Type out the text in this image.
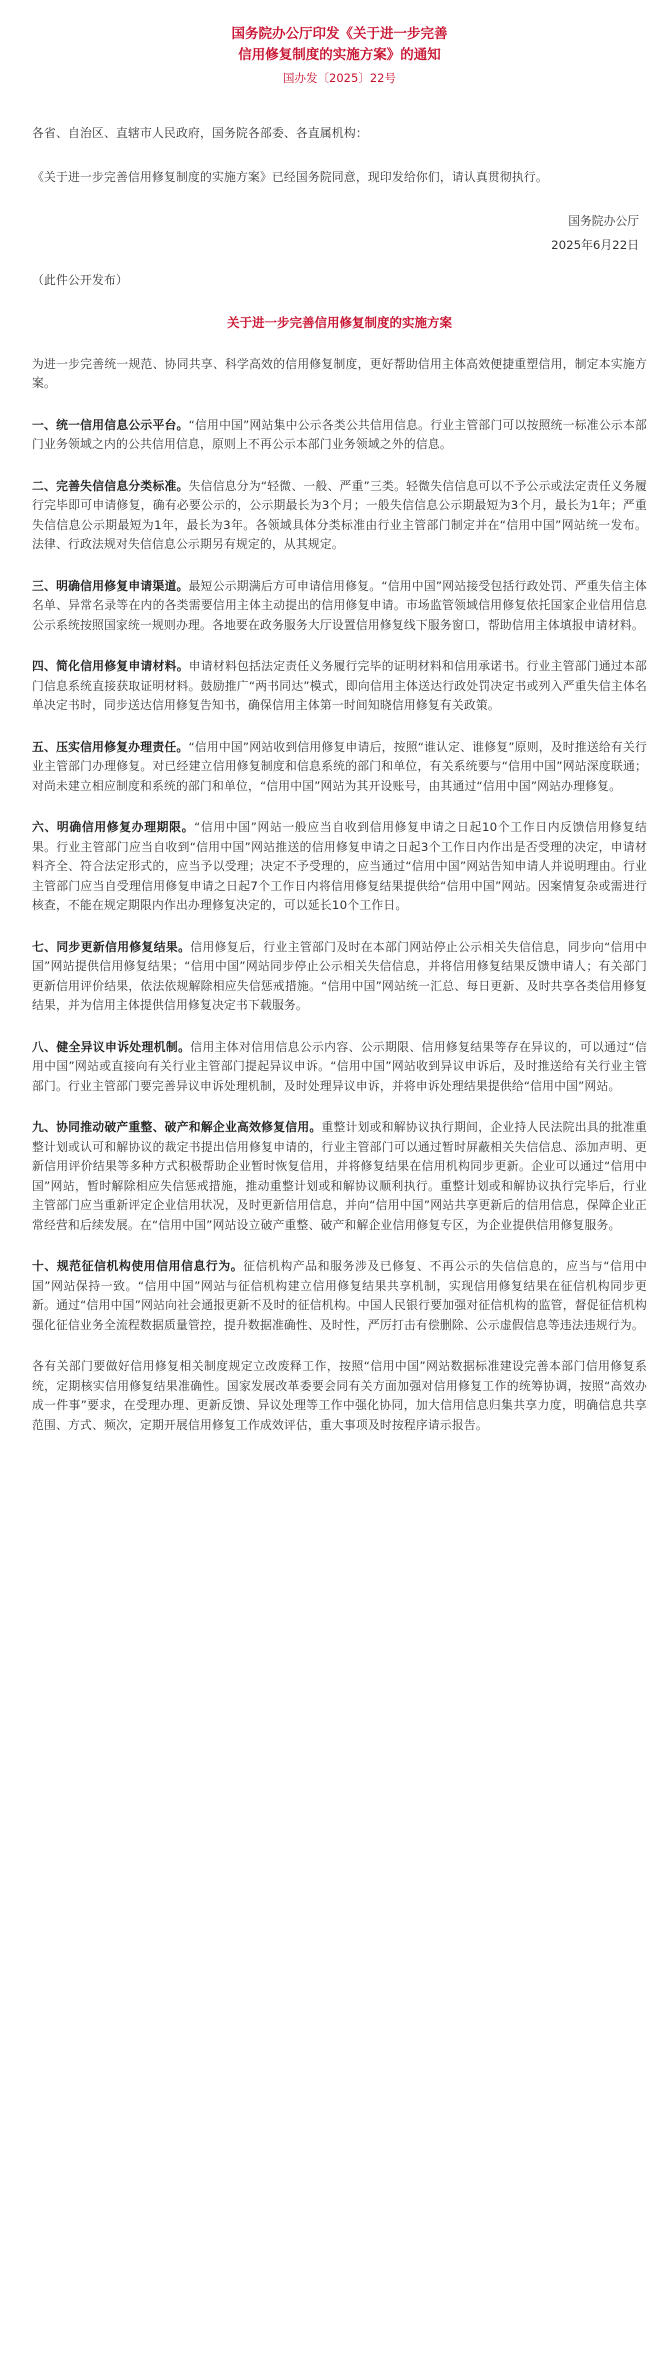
国务院办公厅印发《关于进一步完善
信用修复制度的实施方案》的通知
国办发〔2025〕22号

各省、自治区、直辖市人民政府，国务院各部委、各直属机构：

《关于进一步完善信用修复制度的实施方案》已经国务院同意，现印发给你们，请认真贯彻执行。

国务院办公厅
2025年6月22日

（此件公开发布）

关于进一步完善信用修复制度的实施方案

为进一步完善统一规范、协同共享、科学高效的信用修复制度，更好帮助信用主体高效便捷重塑信用，制定本实施方案。

一、统一信用信息公示平台。“信用中国”网站集中公示各类公共信用信息。行业主管部门可以按照统一标准公示本部门业务领域之内的公共信用信息，原则上不再公示本部门业务领域之外的信息。

二、完善失信信息分类标准。失信信息分为“轻微、一般、严重”三类。轻微失信信息可以不予公示或法定责任义务履行完毕即可申请修复，确有必要公示的，公示期最长为3个月；一般失信信息公示期最短为3个月，最长为1年；严重失信信息公示期最短为1年，最长为3年。各领域具体分类标准由行业主管部门制定并在“信用中国”网站统一发布。法律、行政法规对失信信息公示期另有规定的，从其规定。

三、明确信用修复申请渠道。最短公示期满后方可申请信用修复。“信用中国”网站接受包括行政处罚、严重失信主体名单、异常名录等在内的各类需要信用主体主动提出的信用修复申请。市场监管领域信用修复依托国家企业信用信息公示系统按照国家统一规则办理。各地要在政务服务大厅设置信用修复线下服务窗口，帮助信用主体填报申请材料。

四、简化信用修复申请材料。申请材料包括法定责任义务履行完毕的证明材料和信用承诺书。行业主管部门通过本部门信息系统直接获取证明材料。鼓励推广“两书同达”模式，即向信用主体送达行政处罚决定书或列入严重失信主体名单决定书时，同步送达信用修复告知书，确保信用主体第一时间知晓信用修复有关政策。

五、压实信用修复办理责任。“信用中国”网站收到信用修复申请后，按照“谁认定、谁修复”原则，及时推送给有关行业主管部门办理修复。对已经建立信用修复制度和信息系统的部门和单位，有关系统要与“信用中国”网站深度联通；对尚未建立相应制度和系统的部门和单位，“信用中国”网站为其开设账号，由其通过“信用中国”网站办理修复。

六、明确信用修复办理期限。“信用中国”网站一般应当自收到信用修复申请之日起10个工作日内反馈信用修复结果。行业主管部门应当自收到“信用中国”网站推送的信用修复申请之日起3个工作日内作出是否受理的决定，申请材料齐全、符合法定形式的，应当予以受理；决定不予受理的，应当通过“信用中国”网站告知申请人并说明理由。行业主管部门应当自受理信用修复申请之日起7个工作日内将信用修复结果提供给“信用中国”网站。因案情复杂或需进行核查，不能在规定期限内作出办理修复决定的，可以延长10个工作日。

七、同步更新信用修复结果。信用修复后，行业主管部门及时在本部门网站停止公示相关失信信息，同步向“信用中国”网站提供信用修复结果；“信用中国”网站同步停止公示相关失信信息，并将信用修复结果反馈申请人；有关部门更新信用评价结果，依法依规解除相应失信惩戒措施。“信用中国”网站统一汇总、每日更新、及时共享各类信用修复结果，并为信用主体提供信用修复决定书下载服务。

八、健全异议申诉处理机制。信用主体对信用信息公示内容、公示期限、信用修复结果等存在异议的，可以通过“信用中国”网站或直接向有关行业主管部门提起异议申诉。“信用中国”网站收到异议申诉后，及时推送给有关行业主管部门。行业主管部门要完善异议申诉处理机制，及时处理异议申诉，并将申诉处理结果提供给“信用中国”网站。

九、协同推动破产重整、破产和解企业高效修复信用。重整计划或和解协议执行期间，企业持人民法院出具的批准重整计划或认可和解协议的裁定书提出信用修复申请的，行业主管部门可以通过暂时屏蔽相关失信信息、添加声明、更新信用评价结果等多种方式积极帮助企业暂时恢复信用，并将修复结果在信用机构同步更新。企业可以通过“信用中国”网站，暂时解除相应失信惩戒措施，推动重整计划或和解协议顺利执行。重整计划或和解协议执行完毕后，行业主管部门应当重新评定企业信用状况，及时更新信用信息，并向“信用中国”网站共享更新后的信用信息，保障企业正常经营和后续发展。在“信用中国”网站设立破产重整、破产和解企业信用修复专区，为企业提供信用修复服务。

十、规范征信机构使用信用信息行为。征信机构产品和服务涉及已修复、不再公示的失信信息的，应当与“信用中国”网站保持一致。“信用中国”网站与征信机构建立信用修复结果共享机制，实现信用修复结果在征信机构同步更新。通过“信用中国”网站向社会通报更新不及时的征信机构。中国人民银行要加强对征信机构的监管，督促征信机构强化征信业务全流程数据质量管控，提升数据准确性、及时性，严厉打击有偿删除、公示虚假信息等违法违规行为。

各有关部门要做好信用修复相关制度规定立改废释工作，按照“信用中国”网站数据标准建设完善本部门信用修复系统，定期核实信用修复结果准确性。国家发展改革委要会同有关方面加强对信用修复工作的统筹协调，按照“高效办成一件事”要求，在受理办理、更新反馈、异议处理等工作中强化协同，加大信用信息归集共享力度，明确信息共享范围、方式、频次，定期开展信用修复工作成效评估，重大事项及时按程序请示报告。
